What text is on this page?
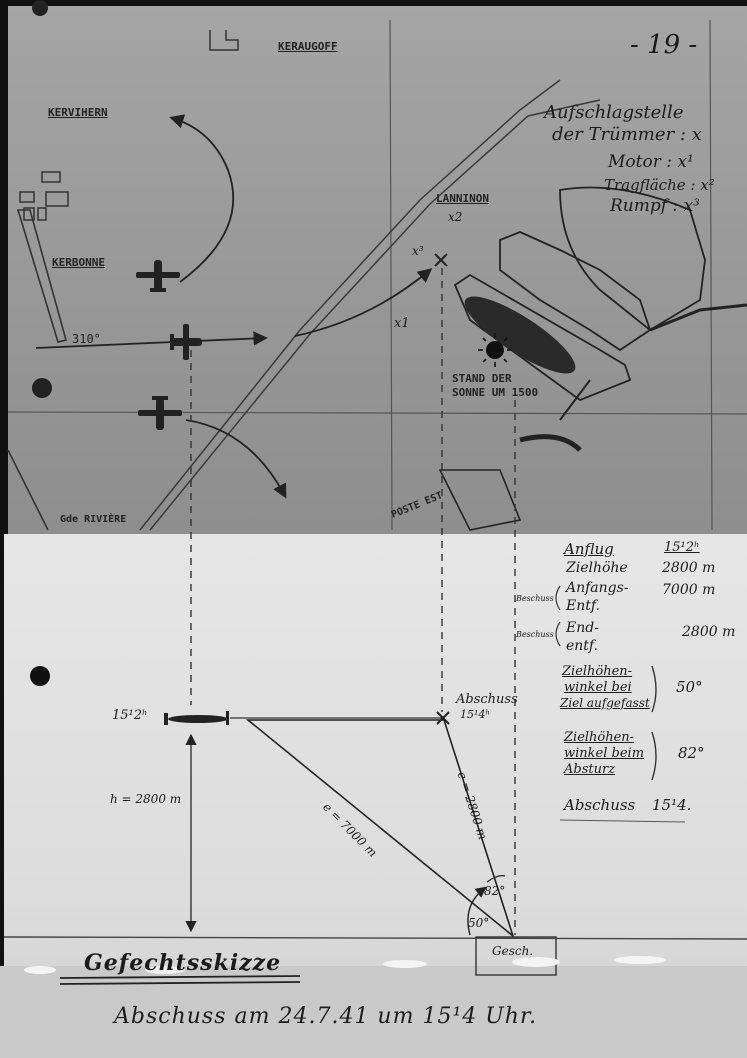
- 19 -
KERAUGOFF
KERVIHERN
KERBONNE
LANNINON
Gde RIVIÈRE	POSTE EST
310°
x2
x³
x1
Aufschlagstelle
der Trümmer : x
Motor : x¹
Tragfläche : x²
Rumpf : x³
STAND DER
SONNE UM 1500
15¹2ʰ
Abschuss
15¹4ʰ
h = 2800 m
e = 7000 m	e = 2800 m
50°
82°
Gesch.
Anflug	15¹2ʰ
Zielhöhe 2800 m
Beschuss
Anfangs-
Entf.
7000 m
Beschuss End-
entf.
2800 m
Zielhöhen-
winkel bei
Ziel aufgefasst
50°
Zielhöhen-
winkel beim
Absturz
82°
Abschuss 15¹4.
Gefechtsskizze
Abschuss am 24.7.41 um 15¹4 Uhr.
